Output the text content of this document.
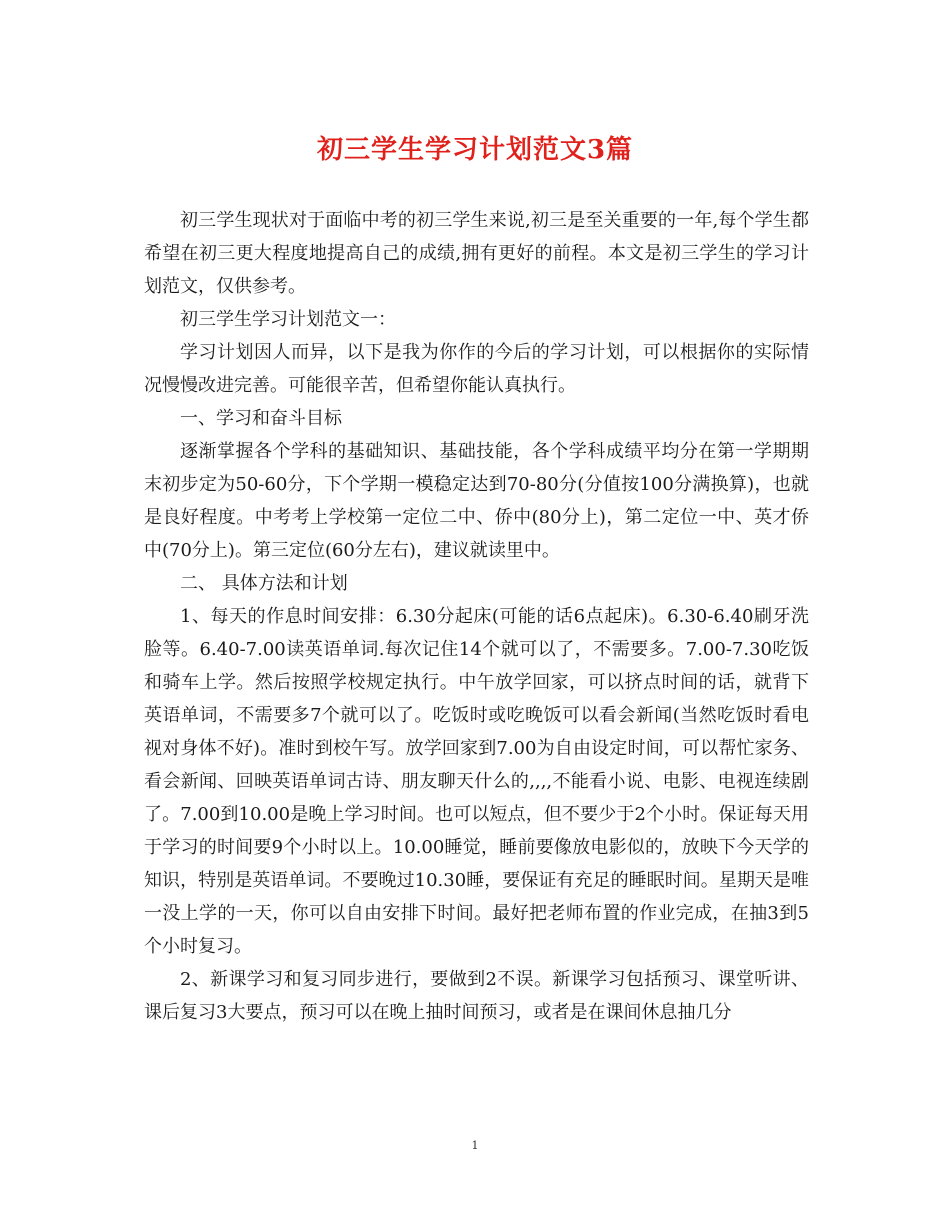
初三学生学习计划范文3篇

初三学生现状对于面临中考的初三学生来说,初三是至关重要的一年,每个学生都希望在初三更大程度地提高自己的成绩,拥有更好的前程。本文是初三学生的学习计划范文，仅供参考。

初三学生学习计划范文一：

学习计划因人而异，以下是我为你作的今后的学习计划，可以根据你的实际情况慢慢改进完善。可能很辛苦，但希望你能认真执行。

一、学习和奋斗目标

逐渐掌握各个学科的基础知识、基础技能，各个学科成绩平均分在第一学期期末初步定为50-60分，下个学期一模稳定达到70-80分(分值按100分满换算)，也就是良好程度。中考考上学校第一定位二中、侨中(80分上)，第二定位一中、英才侨中(70分上)。第三定位(60分左右)，建议就读里中。

二、 具体方法和计划

1、每天的作息时间安排：6.30分起床(可能的话6点起床)。6.30-6.40刷牙洗脸等。6.40-7.00读英语单词.每次记住14个就可以了，不需要多。7.00-7.30吃饭和骑车上学。然后按照学校规定执行。中午放学回家，可以挤点时间的话，就背下英语单词，不需要多7个就可以了。吃饭时或吃晚饭可以看会新闻(当然吃饭时看电视对身体不好)。准时到校午写。放学回家到7.00为自由设定时间，可以帮忙家务、看会新闻、回映英语单词古诗、朋友聊天什么的,,,,不能看小说、电影、电视连续剧了。7.00到10.00是晚上学习时间。也可以短点，但不要少于2个小时。保证每天用于学习的时间要9个小时以上。10.00睡觉，睡前要像放电影似的，放映下今天学的知识，特别是英语单词。不要晚过10.30睡，要保证有充足的睡眠时间。星期天是唯一没上学的一天，你可以自由安排下时间。最好把老师布置的作业完成，在抽3到5个小时复习。

2、新课学习和复习同步进行，要做到2不误。新课学习包括预习、课堂听讲、课后复习3大要点，预习可以在晚上抽时间预习，或者是在课间休息抽几分

1
